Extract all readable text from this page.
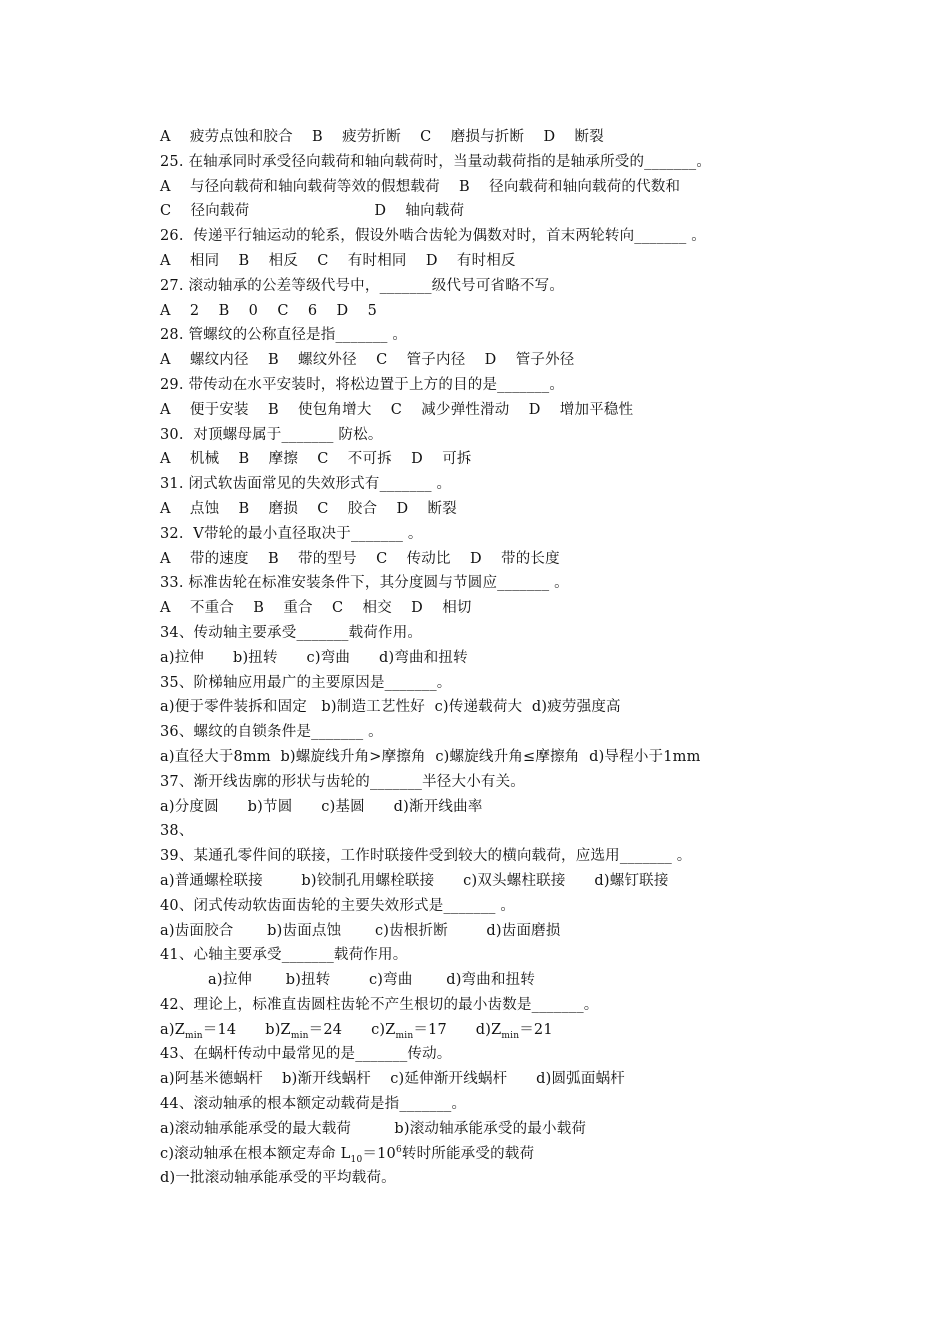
A    疲劳点蚀和胶合    B    疲劳折断    C    磨损与折断    D    断裂
25. 在轴承同时承受径向载荷和轴向载荷时，当量动载荷指的是轴承所受的_______。
A    与径向载荷和轴向载荷等效的假想载荷    B    径向载荷和轴向载荷的代数和
C    径向载荷                          D    轴向载荷
26.  传递平行轴运动的轮系，假设外啮合齿轮为偶数对时，首末两轮转向_______ 。
A    相同    B    相反    C    有时相同    D    有时相反
27. 滚动轴承的公差等级代号中，_______级代号可省略不写。
A    2    B    0    C    6    D    5
28. 管螺纹的公称直径是指_______ 。
A    螺纹内径    B    螺纹外径    C    管子内径    D    管子外径
29. 带传动在水平安装时，将松边置于上方的目的是_______。
A    便于安装    B    使包角增大    C    减少弹性滑动    D    增加平稳性
30.  对顶螺母属于_______ 防松。
A    机械    B    摩擦    C    不可拆    D    可拆
31. 闭式软齿面常见的失效形式有_______ 。
A    点蚀    B    磨损    C    胶合    D    断裂
32.  V带轮的最小直径取决于_______ 。
A    带的速度    B    带的型号    C    传动比    D    带的长度
33. 标准齿轮在标准安装条件下，其分度圆与节圆应_______ 。
A    不重合    B    重合    C    相交    D    相切
34、传动轴主要承受_______载荷作用。
a)拉伸      b)扭转      c)弯曲      d)弯曲和扭转
35、阶梯轴应用最广的主要原因是_______。
a)便于零件装拆和固定   b)制造工艺性好  c)传递载荷大  d)疲劳强度高
36、螺纹的自锁条件是_______ 。
a)直径大于8mm  b)螺旋线升角>摩擦角  c)螺旋线升角≤摩擦角  d)导程小于1mm
37、渐开线齿廓的形状与齿轮的_______半径大小有关。
a)分度圆      b)节圆      c)基圆      d)渐开线曲率
38、
39、某通孔零件间的联接，工作时联接件受到较大的横向载荷，应选用_______ 。
a)普通螺栓联接        b)铰制孔用螺栓联接      c)双头螺柱联接      d)螺钉联接
40、闭式传动软齿面齿轮的主要失效形式是_______ 。
a)齿面胶合       b)齿面点蚀       c)齿根折断        d)齿面磨损
41、心轴主要承受_______载荷作用。
a)拉伸       b)扭转        c)弯曲       d)弯曲和扭转
42、理论上，标准直齿圆柱齿轮不产生根切的最小齿数是_______。
$a)Z_{min}=14$ $b)Z_{min}=24$ $c)Z_{min}=17$ $d)Z_{min}=21$
43、在蜗杆传动中最常见的是_______传动。
a)阿基米德蜗杆    b)渐开线蜗杆    c)延伸渐开线蜗杆      d)圆弧面蜗杆
44、滚动轴承的根本额定动载荷是指_______。
a)滚动轴承能承受的最大载荷         b)滚动轴承能承受的最小载荷
c)滚动轴承在根本额定寿命 $L_{10}=10^6$转时所能承受的载荷
d)一批滚动轴承能承受的平均载荷。
